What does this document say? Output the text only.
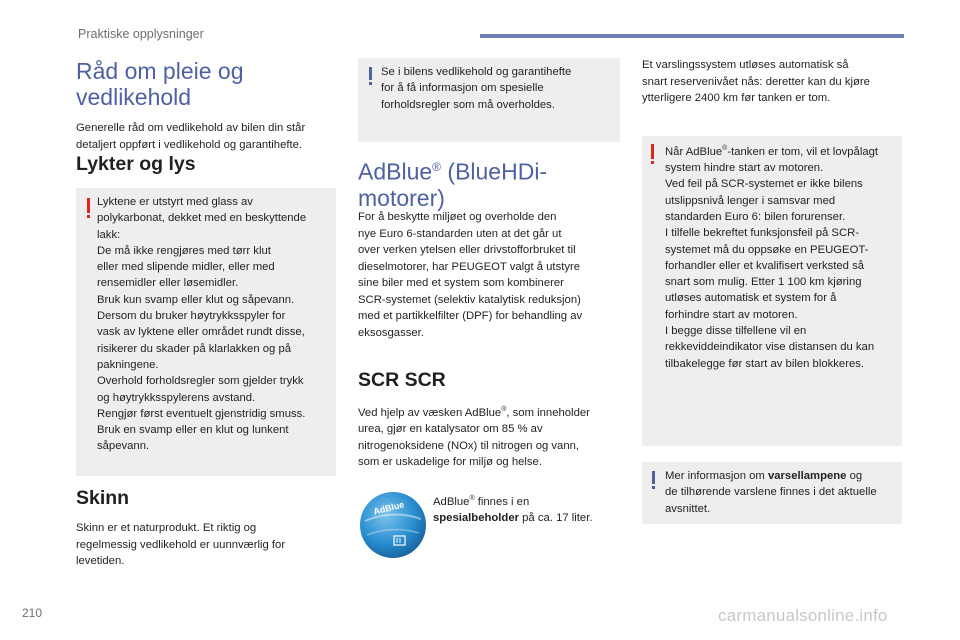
Praktiske opplysninger
Råd om pleie og
vedlikehold
Generelle råd om vedlikehold av bilen din står
detaljert oppført i vedlikehold og garantihefte.
Lykter og lys
Lyktene er utstyrt med glass av
polykarbonat, dekket med en beskyttende
lakk:
De må ikke rengjøres med tørr klut
eller med slipende midler, eller med
rensemidler eller løsemidler.
Bruk kun svamp eller klut og såpevann.
Dersom du bruker høytrykksspyler for
vask av lyktene eller området rundt disse,
risikerer du skader på klarlakken og på
pakningene.
Overhold forholdsregler som gjelder trykk
og høytrykksspylerens avstand.
Rengjør først eventuelt gjenstridig smuss.
Bruk en svamp eller en klut og lunkent
såpevann.
Skinn
Skinn er et naturprodukt. Et riktig og
regelmessig vedlikehold er uunnværlig for
levetiden.
Se i bilens vedlikehold og garantihefte
for å få informasjon om spesielle
forholdsregler som må overholdes.
AdBlue® (BlueHDi-
motorer)
For å beskytte miljøet og overholde den
nye Euro 6-standarden uten at det går ut
over verken ytelsen eller drivstofforbruket til
dieselmotorer, har PEUGEOT valgt å utstyre
sine biler med et system som kombinerer
SCR-systemet (selektiv katalytisk reduksjon)
med et partikkelfilter (DPF) for behandling av
eksosgasser.
SCR SCR
Ved hjelp av væsken AdBlue®, som inneholder
urea, gjør en katalysator om 85 % av
nitrogenoksidene (NOx) til nitrogen og vann,
som er uskadelige for miljø og helse.
AdBlue AdBlue® finnes i en
spesialbeholder på ca. 17 liter.
Et varslingssystem utløses automatisk så
snart reservenivået nås: deretter kan du kjøre
ytterligere 2400 km før tanken er tom.
Når AdBlue®-tanken er tom, vil et lovpålagt
system hindre start av motoren.
Ved feil på SCR-systemet er ikke bilens
utslippsnivå lenger i samsvar med
standarden Euro 6: bilen forurenser.
I tilfelle bekreftet funksjonsfeil på SCR-
systemet må du oppsøke en PEUGEOT-
forhandler eller et kvalifisert verksted så
snart som mulig. Etter 1 100 km kjøring
utløses automatisk et system for å
forhindre start av motoren.
I begge disse tilfellene vil en
rekkeviddeindikator vise distansen du kan
tilbakelegge før start av bilen blokkeres.
Mer informasjon om varsellampene og
de tilhørende varslene finnes i det aktuelle
avsnittet.
210	carmanualsonline.info
